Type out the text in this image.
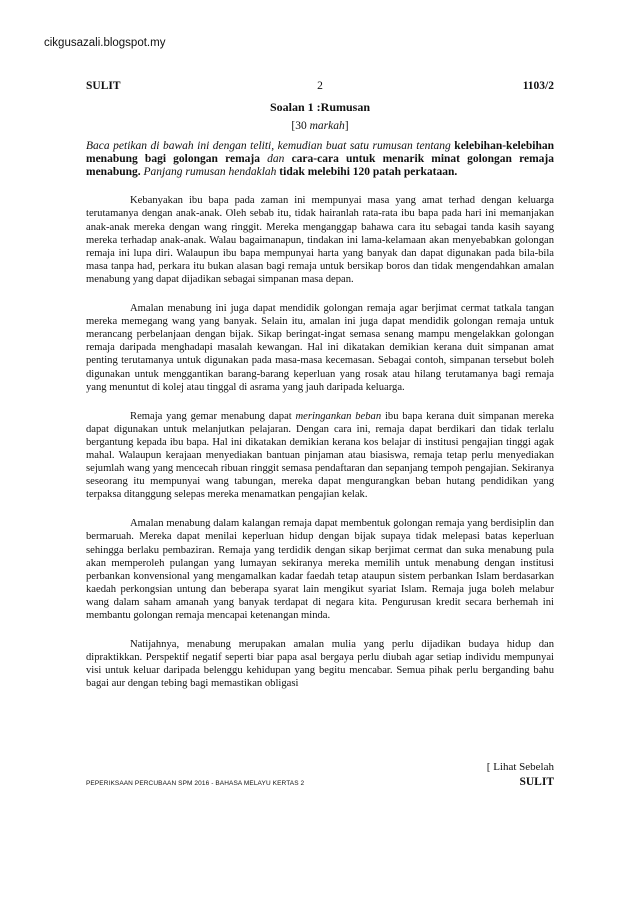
cikgusazali.blogspot.my
SULIT	2	1103/2
Soalan 1 :Rumusan
[30 markah]
Baca petikan di bawah ini dengan teliti, kemudian buat satu rumusan tentang kelebihan-kelebihan menabung bagi golongan remaja dan cara-cara untuk menarik minat golongan remaja menabung. Panjang rumusan hendaklah tidak melebihi 120 patah perkataan.

Kebanyakan ibu bapa pada zaman ini mempunyai masa yang amat terhad dengan keluarga terutamanya dengan anak-anak. Oleh sebab itu, tidak hairanlah rata-rata ibu bapa pada hari ini memanjakan anak-anak mereka dengan wang ringgit. Mereka menganggap bahawa cara itu sebagai tanda kasih sayang mereka terhadap anak-anak. Walau bagaimanapun, tindakan ini lama-kelamaan akan menyebabkan golongan remaja ini lupa diri. Walaupun ibu bapa mempunyai harta yang banyak dan dapat digunakan pada bila-bila masa tanpa had, perkara itu bukan alasan bagi remaja untuk bersikap boros dan tidak mengendahkan amalan menabung yang dapat dijadikan sebagai simpanan masa depan.

Amalan menabung ini juga dapat mendidik golongan remaja agar berjimat cermat tatkala tangan mereka memegang wang yang banyak. Selain itu, amalan ini juga dapat mendidik golongan remaja untuk merancang perbelanjaan dengan bijak. Sikap beringat-ingat semasa senang mampu mengelakkan golongan remaja daripada menghadapi masalah kewangan. Hal ini dikatakan demikian kerana duit simpanan amat penting terutamanya untuk digunakan pada masa-masa kecemasan. Sebagai contoh, simpanan tersebut boleh digunakan untuk menggantikan barang-barang keperluan yang rosak atau hilang terutamanya bagi remaja yang menuntut di kolej atau tinggal di asrama yang jauh daripada keluarga.

Remaja yang gemar menabung dapat meringankan beban ibu bapa kerana duit simpanan mereka dapat digunakan untuk melanjutkan pelajaran. Dengan cara ini, remaja dapat berdikari dan tidak terlalu bergantung kepada ibu bapa. Hal ini dikatakan demikian kerana kos belajar di institusi pengajian tinggi agak mahal. Walaupun kerajaan menyediakan bantuan pinjaman atau biasiswa, remaja tetap perlu menyediakan sejumlah wang yang mencecah ribuan ringgit semasa pendaftaran dan sepanjang tempoh pengajian. Sekiranya seseorang itu mempunyai wang tabungan, mereka dapat mengurangkan beban hutang pendidikan yang terpaksa ditanggung selepas mereka menamatkan pengajian kelak.

Amalan menabung dalam kalangan remaja dapat membentuk golongan remaja yang berdisiplin dan bermaruah. Mereka dapat menilai keperluan hidup dengan bijak supaya tidak melepasi batas keperluan sehingga berlaku pembaziran. Remaja yang terdidik dengan sikap berjimat cermat dan suka menabung pula akan memperoleh pulangan yang lumayan sekiranya mereka memilih untuk menabung dengan institusi perbankan konvensional yang mengamalkan kadar faedah tetap ataupun sistem perbankan Islam berdasarkan kaedah perkongsian untung dan beberapa syarat lain mengikut syariat Islam. Remaja juga boleh melabur wang dalam saham amanah yang banyak terdapat di negara kita. Pengurusan kredit secara berhemah ini membantu golongan remaja mencapai ketenangan minda.

Natijahnya, menabung merupakan amalan mulia yang perlu dijadikan budaya hidup dan dipraktikkan. Perspektif negatif seperti biar papa asal bergaya perlu diubah agar setiap individu mempunyai visi untuk keluar daripada belenggu kehidupan yang begitu mencabar. Semua pihak perlu berganding bahu bagai aur dengan tebing bagi memastikan obligasi

[ Lihat Sebelah
PEPERIKSAAN PERCUBAAN SPM 2016 - BAHASA MELAYU KERTAS 2	SULIT
